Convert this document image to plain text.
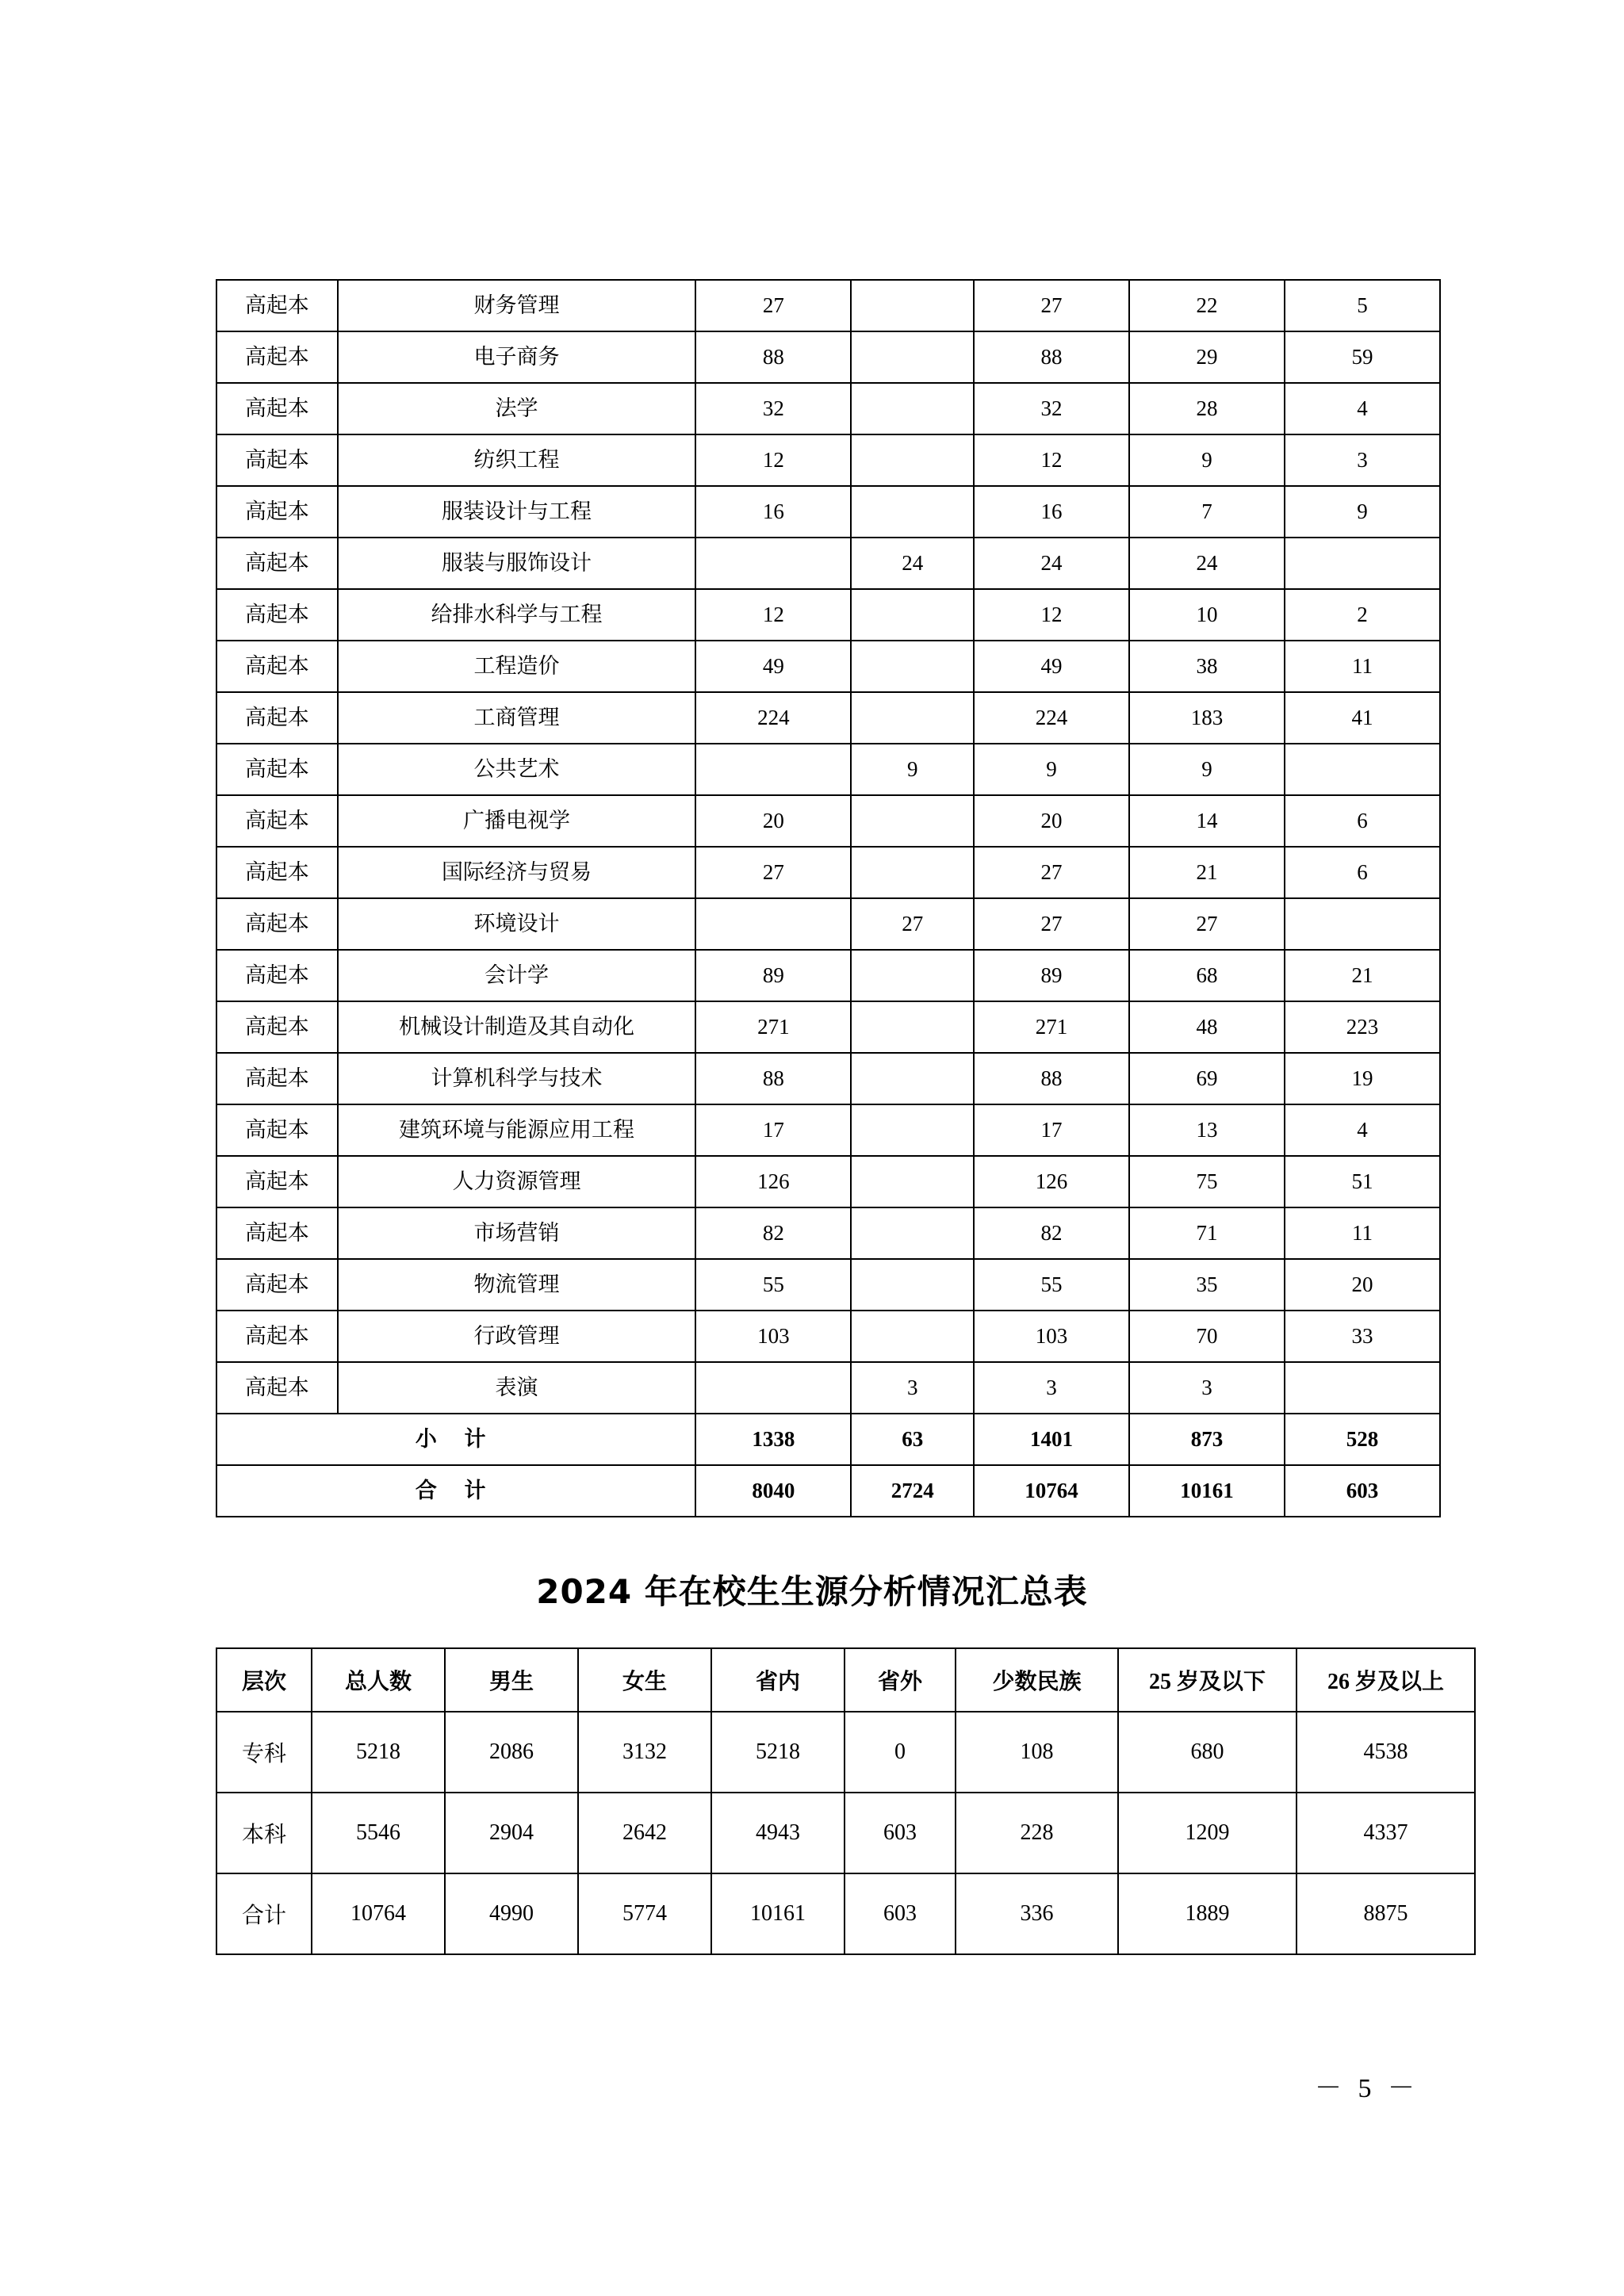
高起本	财务管理	27		27	22	5
高起本	电子商务	88		88	29	59
高起本	法学	32		32	28	4
高起本	纺织工程	12		12	9	3
高起本	服装设计与工程	16		16	7	9
高起本	服装与服饰设计		24	24	24	
高起本	给排水科学与工程	12		12	10	2
高起本	工程造价	49		49	38	11
高起本	工商管理	224		224	183	41
高起本	公共艺术		9	9	9	
高起本	广播电视学	20		20	14	6
高起本	国际经济与贸易	27		27	21	6
高起本	环境设计		27	27	27	
高起本	会计学	89		89	68	21
高起本	机械设计制造及其自动化	271		271	48	223
高起本	计算机科学与技术	88		88	69	19
高起本	建筑环境与能源应用工程	17		17	13	4
高起本	人力资源管理	126		126	75	51
高起本	市场营销	82		82	71	11
高起本	物流管理	55		55	35	20
高起本	行政管理	103		103	70	33
高起本	表演		3	3	3	
小 计		1338	63	1401	873	528
合 计		8040	2724	10764	10161	603
2024 年在校生生源分析情况汇总表
层次	总人数	男生	女生	省内	省外	少数民族	25 岁及以下	26 岁及以上
专科	5218	2086	3132	5218	0	108	680	4538
本科	5546	2904	2642	4943	603	228	1209	4337
合计	10764	4990	5774	10161	603	336	1889	8875
－ 5 －
